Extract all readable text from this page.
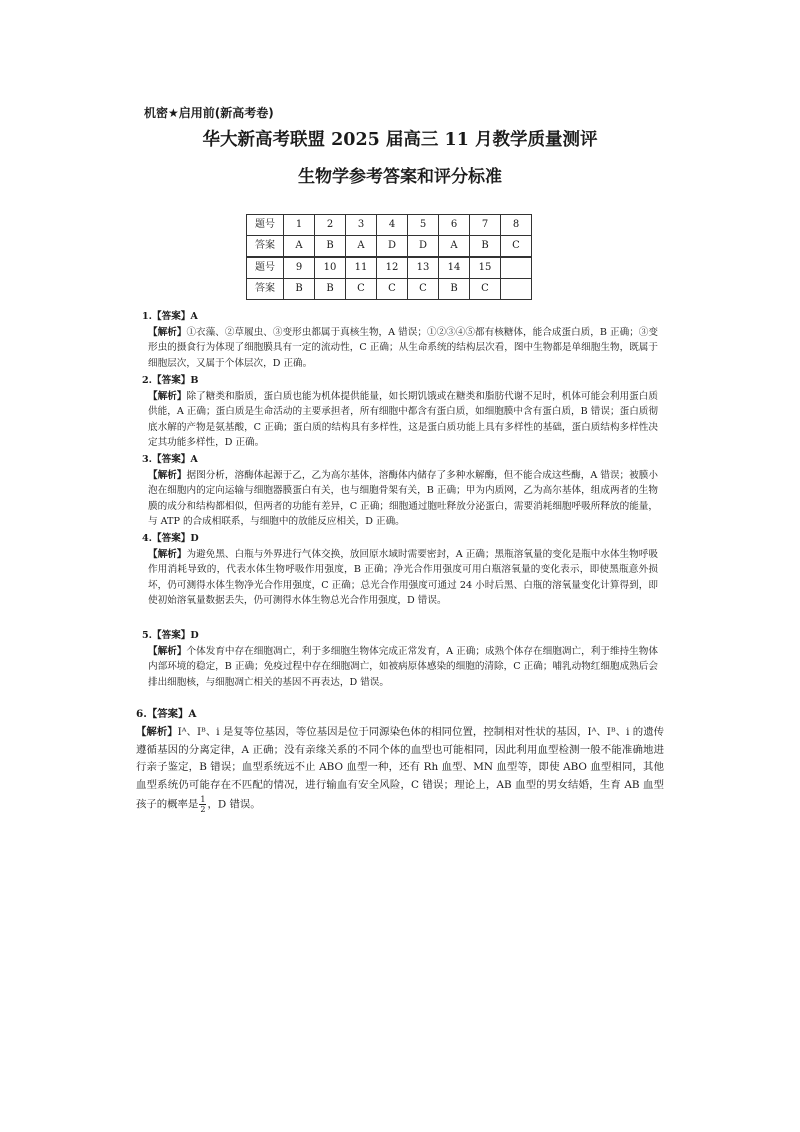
机密★启用前(新高考卷)
华大新高考联盟 2025 届高三 11 月教学质量测评
生物学参考答案和评分标准
题号	1	2	3	4	5	6	7	8
答案	A	B	A	D	D	A	B	C
题号	9	10	11	12	13	14	15	
答案	B	B	C	C	C	B	C	
1.【答案】A
【解析】①衣藻、②草履虫、③变形虫都属于真核生物，A 错误；①②③④⑤都有核糖体，能合成蛋白质，B 正确；③变形虫的摄食行为体现了细胞膜具有一定的流动性，C 正确；从生命系统的结构层次看，图中生物都是单细胞生物，既属于细胞层次，又属于个体层次，D 正确。
2.【答案】B
【解析】除了糖类和脂质，蛋白质也能为机体提供能量，如长期饥饿或在糖类和脂肪代谢不足时，机体可能会利用蛋白质供能，A 正确；蛋白质是生命活动的主要承担者，所有细胞中都含有蛋白质，如细胞膜中含有蛋白质，B 错误；蛋白质彻底水解的产物是氨基酸，C 正确；蛋白质的结构具有多样性，这是蛋白质功能上具有多样性的基础，蛋白质结构多样性决定其功能多样性，D 正确。
3.【答案】A
【解析】据图分析，溶酶体起源于乙，乙为高尔基体，溶酶体内储存了多种水解酶，但不能合成这些酶，A 错误；被膜小泡在细胞内的定向运输与细胞器膜蛋白有关，也与细胞骨架有关，B 正确；甲为内质网，乙为高尔基体，组成两者的生物膜的成分和结构都相似，但两者的功能有差异，C 正确；细胞通过胞吐释放分泌蛋白，需要消耗细胞呼吸所释放的能量，与 ATP 的合成相联系，与细胞中的放能反应相关，D 正确。
4.【答案】D
【解析】为避免黑、白瓶与外界进行气体交换，放回原水域时需要密封，A 正确；黑瓶溶氧量的变化是瓶中水体生物呼吸作用消耗导致的，代表水体生物呼吸作用强度，B 正确；净光合作用强度可用白瓶溶氧量的变化表示，即使黑瓶意外损坏，仍可测得水体生物净光合作用强度，C 正确；总光合作用强度可通过 24 小时后黑、白瓶的溶氧量变化计算得到，即使初始溶氧量数据丢失，仍可测得水体生物总光合作用强度，D 错误。
5.【答案】D
【解析】个体发育中存在细胞凋亡，利于多细胞生物体完成正常发育，A 正确；成熟个体存在细胞凋亡，利于维持生物体内部环境的稳定，B 正确；免疫过程中存在细胞凋亡，如被病原体感染的细胞的清除，C 正确；哺乳动物红细胞成熟后会排出细胞核，与细胞凋亡相关的基因不再表达，D 错误。
6.【答案】A
【解析】Iᴬ、Iᴮ、i 是复等位基因，等位基因是位于同源染色体的相同位置，控制相对性状的基因，Iᴬ、Iᴮ、i 的遗传遵循基因的分离定律，A 正确；没有亲缘关系的不同个体的血型也可能相同，因此利用血型检测一般不能准确地进行亲子鉴定，B 错误；血型系统远不止 ABO 血型一种，还有 Rh 血型、MN 血型等，即使 ABO 血型相同，其他血型系统仍可能存在不匹配的情况，进行输血有安全风险，C 错误；理论上，AB 血型的男女结婚，生育 AB 血型孩子的概率是 $\frac{1}{2}$ ，D 错误。
